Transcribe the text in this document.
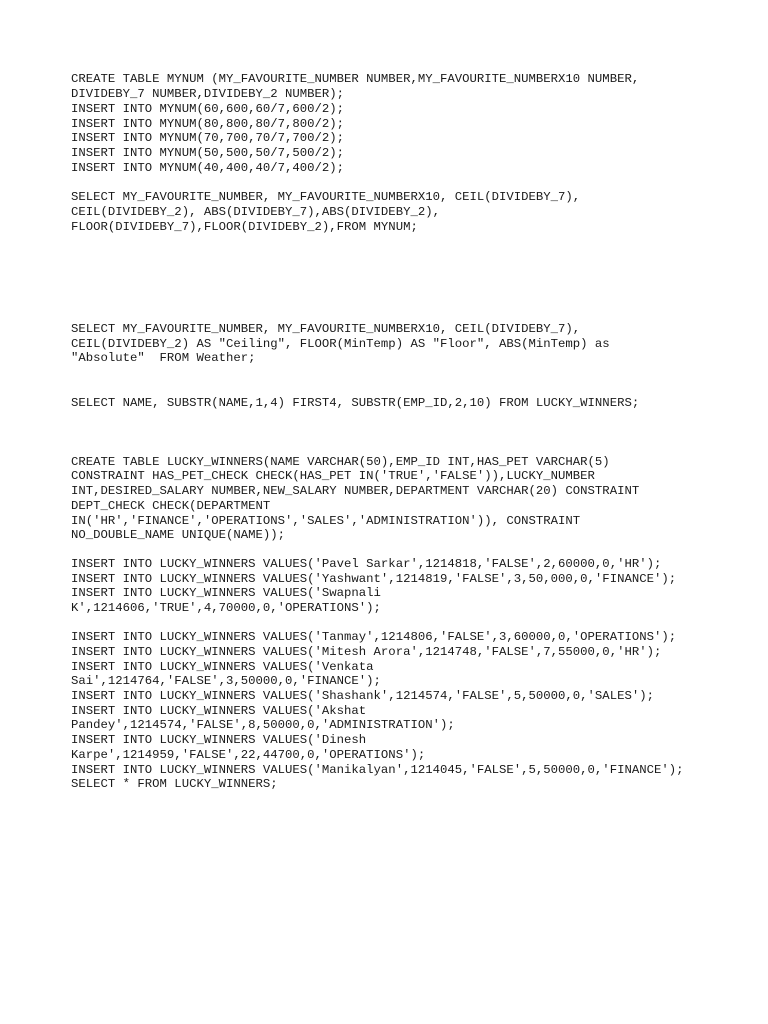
CREATE TABLE MYNUM (MY_FAVOURITE_NUMBER NUMBER,MY_FAVOURITE_NUMBERX10 NUMBER,
DIVIDEBY_7 NUMBER,DIVIDEBY_2 NUMBER);
INSERT INTO MYNUM(60,600,60/7,600/2);
INSERT INTO MYNUM(80,800,80/7,800/2);
INSERT INTO MYNUM(70,700,70/7,700/2);
INSERT INTO MYNUM(50,500,50/7,500/2);
INSERT INTO MYNUM(40,400,40/7,400/2);
SELECT MY_FAVOURITE_NUMBER, MY_FAVOURITE_NUMBERX10, CEIL(DIVIDEBY_7),
CEIL(DIVIDEBY_2), ABS(DIVIDEBY_7),ABS(DIVIDEBY_2),
FLOOR(DIVIDEBY_7),FLOOR(DIVIDEBY_2),FROM MYNUM;
SELECT MY_FAVOURITE_NUMBER, MY_FAVOURITE_NUMBERX10, CEIL(DIVIDEBY_7),
CEIL(DIVIDEBY_2) AS "Ceiling", FLOOR(MinTemp) AS "Floor", ABS(MinTemp) as
"Absolute"  FROM Weather;
SELECT NAME, SUBSTR(NAME,1,4) FIRST4, SUBSTR(EMP_ID,2,10) FROM LUCKY_WINNERS;
CREATE TABLE LUCKY_WINNERS(NAME VARCHAR(50),EMP_ID INT,HAS_PET VARCHAR(5)
CONSTRAINT HAS_PET_CHECK CHECK(HAS_PET IN('TRUE','FALSE')),LUCKY_NUMBER
INT,DESIRED_SALARY NUMBER,NEW_SALARY NUMBER,DEPARTMENT VARCHAR(20) CONSTRAINT
DEPT_CHECK CHECK(DEPARTMENT
IN('HR','FINANCE','OPERATIONS','SALES','ADMINISTRATION')), CONSTRAINT
NO_DOUBLE_NAME UNIQUE(NAME));
INSERT INTO LUCKY_WINNERS VALUES('Pavel Sarkar',1214818,'FALSE',2,60000,0,'HR');
INSERT INTO LUCKY_WINNERS VALUES('Yashwant',1214819,'FALSE',3,50,000,0,'FINANCE');
INSERT INTO LUCKY_WINNERS VALUES('Swapnali
K',1214606,'TRUE',4,70000,0,'OPERATIONS');
INSERT INTO LUCKY_WINNERS VALUES('Tanmay',1214806,'FALSE',3,60000,0,'OPERATIONS');
INSERT INTO LUCKY_WINNERS VALUES('Mitesh Arora',1214748,'FALSE',7,55000,0,'HR');
INSERT INTO LUCKY_WINNERS VALUES('Venkata
Sai',1214764,'FALSE',3,50000,0,'FINANCE');
INSERT INTO LUCKY_WINNERS VALUES('Shashank',1214574,'FALSE',5,50000,0,'SALES');
INSERT INTO LUCKY_WINNERS VALUES('Akshat
Pandey',1214574,'FALSE',8,50000,0,'ADMINISTRATION');
INSERT INTO LUCKY_WINNERS VALUES('Dinesh
Karpe',1214959,'FALSE',22,44700,0,'OPERATIONS');
INSERT INTO LUCKY_WINNERS VALUES('Manikalyan',1214045,'FALSE',5,50000,0,'FINANCE');
SELECT * FROM LUCKY_WINNERS;
